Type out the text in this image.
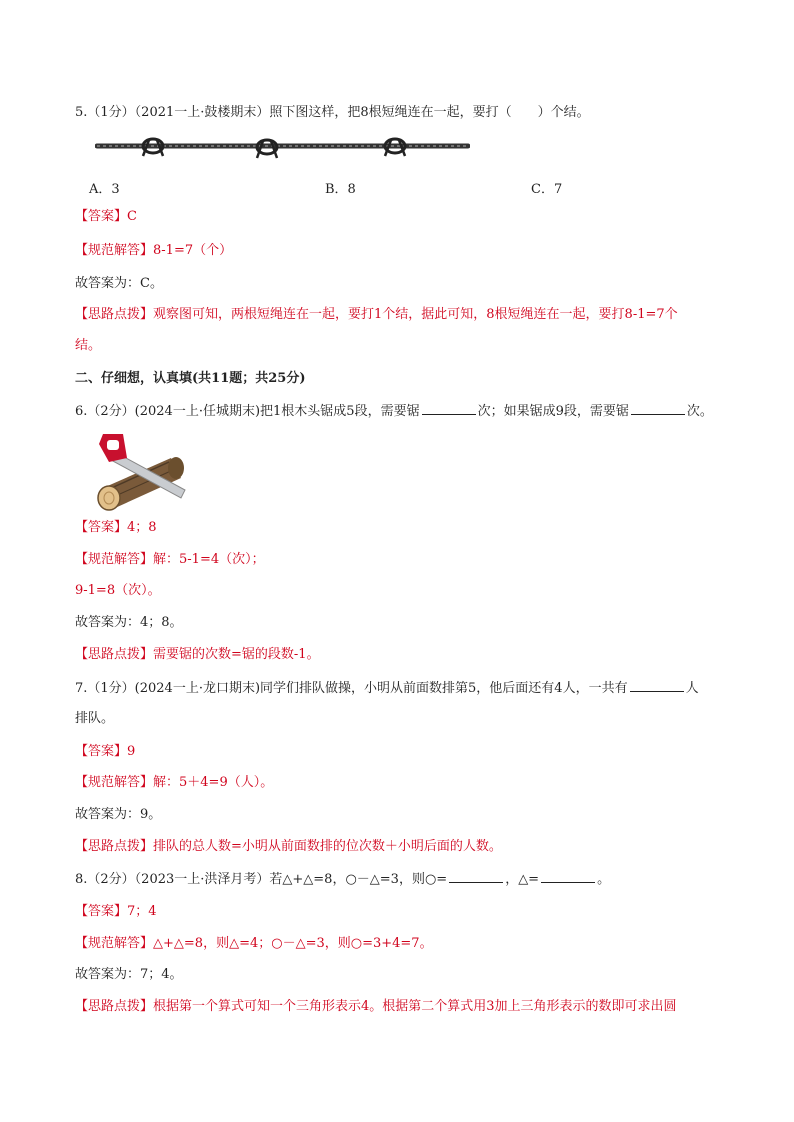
5.（1分）（2021一上·鼓楼期末）照下图这样，把8根短绳连在一起，要打（　　）个结。
A．3	B．8	C．7
【答案】C
【规范解答】8-1=7（个）
故答案为：C。
【思路点拨】观察图可知，两根短绳连在一起，要打1个结，据此可知，8根短绳连在一起，要打8-1=7个
结。
二、仔细想，认真填(共11题；共25分)
6.（2分）(2024一上·任城期末)把1根木头锯成5段，需要锯	次；如果锯成9段，需要锯	次。
【答案】4；8
【规范解答】解：5-1=4（次）；
9-1=8（次）。
故答案为：4；8。
【思路点拨】需要锯的次数=锯的段数-1。
7.（1分）(2024一上·龙口期末)同学们排队做操，小明从前面数排第5，他后面还有4人，一共有	人
排队。
【答案】9
【规范解答】解：5＋4=9（人）。
故答案为：9。
【思路点拨】排队的总人数=小明从前面数排的位次数＋小明后面的人数。
8.（2分）（2023一上·洪泽月考）若△+△=8，○－△=3，则○=	，△=	。
【答案】7；4
【规范解答】△+△=8，则△=4；○－△=3，则○=3+4=7。
故答案为：7；4。
【思路点拨】根据第一个算式可知一个三角形表示4。根据第二个算式用3加上三角形表示的数即可求出圆
